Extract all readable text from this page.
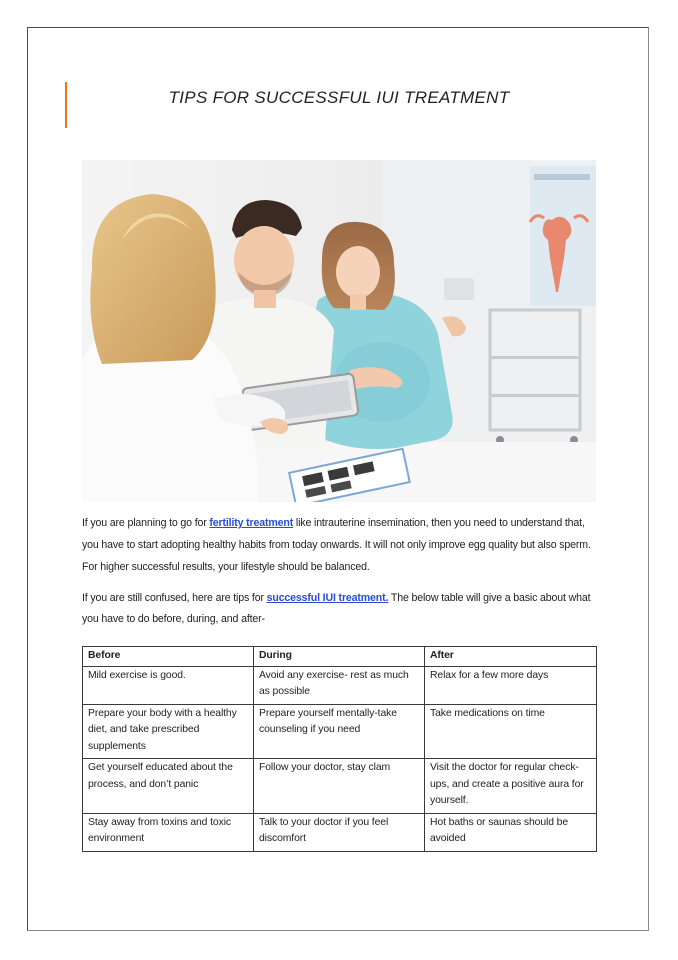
TIPS FOR SUCCESSFUL IUI TREATMENT
If you are planning to go for fertility treatment like intrauterine insemination, then you need to understand that, you have to start adopting healthy habits from today onwards. It will not only improve egg quality but also sperm. For higher successful results, your lifestyle should be balanced.
If you are still confused, here are tips for successful IUI treatment. The below table will give a basic about what you have to do before, during, and after-
Before	During	After
Mild exercise is good.	Avoid any exercise- rest as much as possible	Relax for a few more days
Prepare your body with a healthy diet, and take prescribed supplements	Prepare yourself mentally-take counseling if you need	Take medications on time
Get yourself educated about the process, and don’t panic	Follow your doctor, stay clam	Visit the doctor for regular check-ups, and create a positive aura for yourself.
Stay away from toxins and toxic environment	Talk to your doctor if you feel discomfort	Hot baths or saunas should be avoided
